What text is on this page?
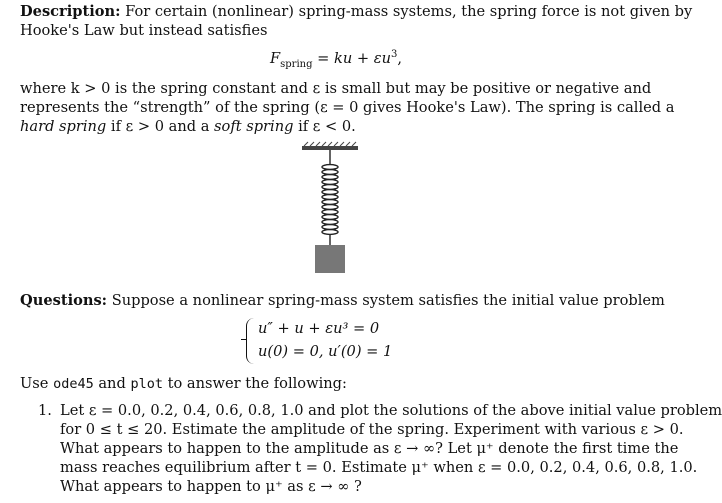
Description: For certain (nonlinear) spring-mass systems, the spring force is not given by
Hooke's Law but instead satisfies
$F_{spring}$ = ku + $\varepsilon u^3$,
where k > 0 is the spring constant and ε is small but may be positive or negative and
represents the “strength” of the spring (ε = 0 gives Hooke's Law). The spring is called a
hard spring if ε > 0 and a soft spring if ε < 0.
Questions: Suppose a nonlinear spring-mass system satisfies the initial value problem
u″ + u + εu³ = 0
u(0) = 0, u′(0) = 1
Use ode45 and plot to answer the following:
1. Let ε = 0.0, 0.2, 0.4, 0.6, 0.8, 1.0 and plot the solutions of the above initial value problem
for 0 ≤ t ≤ 20. Estimate the amplitude of the spring. Experiment with various ε > 0.
What appears to happen to the amplitude as ε → ∞? Let μ⁺ denote the first time the
mass reaches equilibrium after t = 0. Estimate μ⁺ when ε = 0.0, 0.2, 0.4, 0.6, 0.8, 1.0.
What appears to happen to μ⁺ as ε → ∞ ?
